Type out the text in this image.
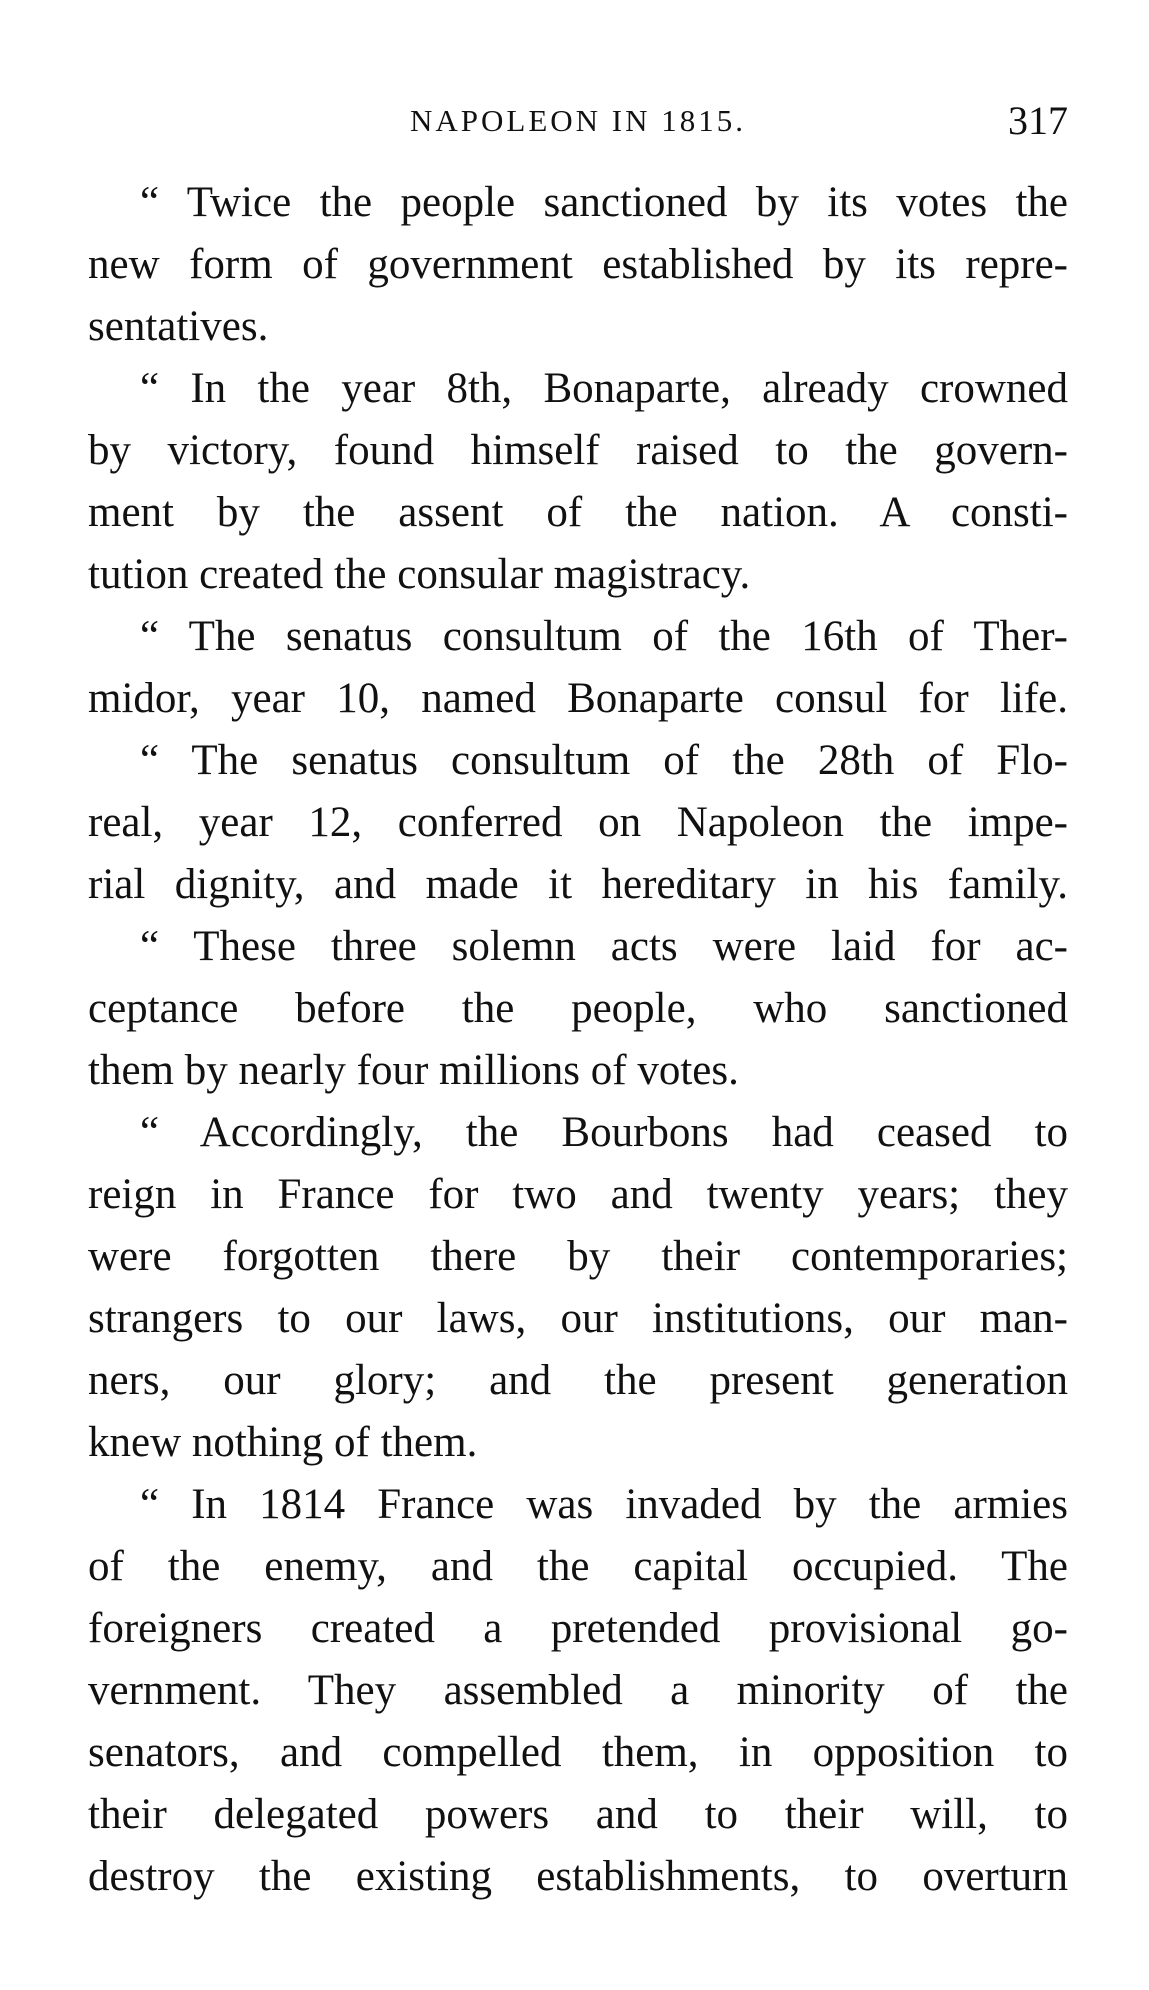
NAPOLEON IN 1815.	317
“ Twice the people sanctioned by its votes the
new form of government established by its repre-
sentatives.
“ In the year 8th, Bonaparte, already crowned
by victory, found himself raised to the govern-
ment by the assent of the nation. A consti-
tution created the consular magistracy.
“ The senatus consultum of the 16th of Ther-
midor, year 10, named Bonaparte consul for life.
“ The senatus consultum of the 28th of Flo-
real, year 12, conferred on Napoleon the impe-
rial dignity, and made it hereditary in his family.
“ These three solemn acts were laid for ac-
ceptance before the people, who sanctioned
them by nearly four millions of votes.
“ Accordingly, the Bourbons had ceased to
reign in France for two and twenty years; they
were forgotten there by their contemporaries;
strangers to our laws, our institutions, our man-
ners, our glory; and the present generation
knew nothing of them.
“ In 1814 France was invaded by the armies
of the enemy, and the capital occupied. The
foreigners created a pretended provisional go-
vernment. They assembled a minority of the
senators, and compelled them, in opposition to
their delegated powers and to their will, to
destroy the existing establishments, to overturn
